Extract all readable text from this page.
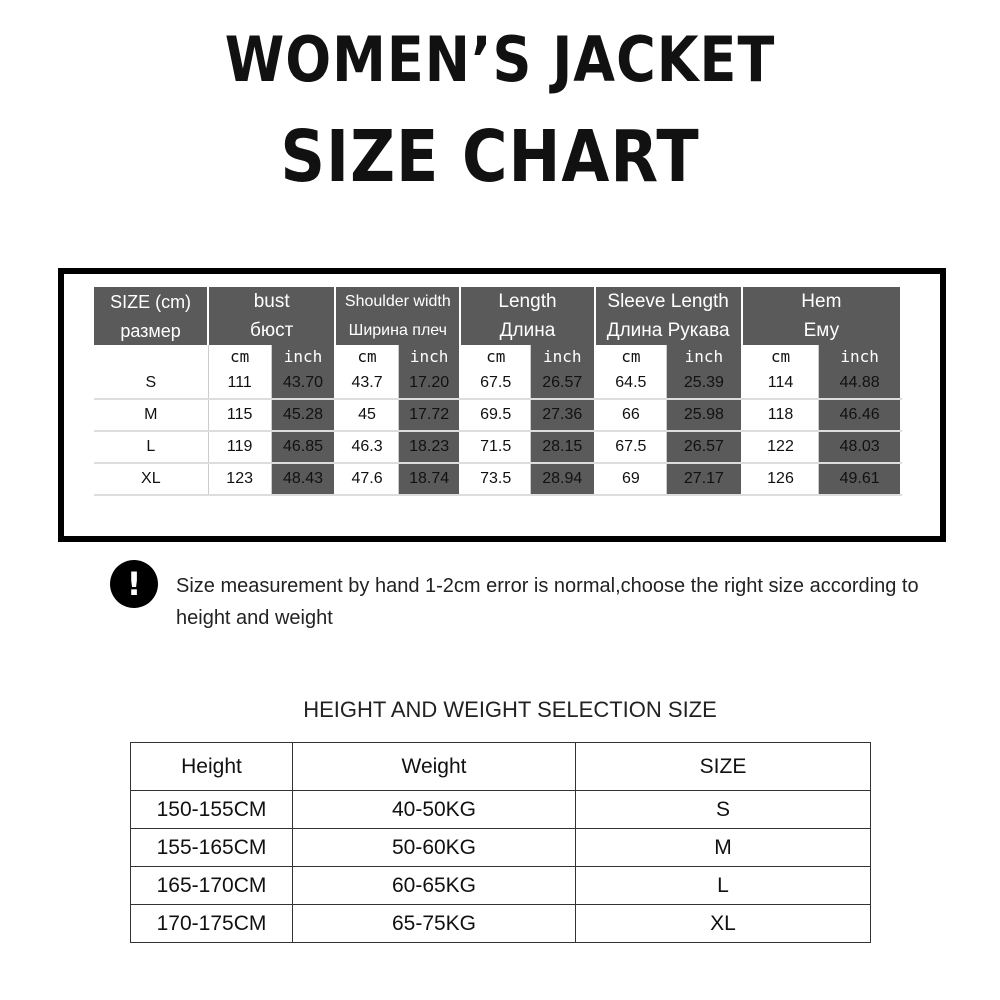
WOMEN’S JACKET
SIZE CHART
SIZE (cm)	bust		Shoulder width		Length		Sleeve Length		Hem	
размер	бюст		Ширина плеч		Длина		Длина Рукава		Ему	
	cm	inch	cm	inch	cm	inch	cm	inch	cm	inch
S	111	43.70	43.7	17.20	67.5	26.57	64.5	25.39	114	44.88
M	115	45.28	45	17.72	69.5	27.36	66	25.98	118	46.46
L	119	46.85	46.3	18.23	71.5	28.15	67.5	26.57	122	48.03
XL	123	48.43	47.6	18.74	73.5	28.94	69	27.17	126	49.61
!	Size measurement by hand 1-2cm error is normal,choose the right size according to height and weight
HEIGHT AND WEIGHT SELECTION SIZE
Height	Weight	SIZE
150-155CM	40-50KG	S
155-165CM	50-60KG	M
165-170CM	60-65KG	L
170-175CM	65-75KG	XL
